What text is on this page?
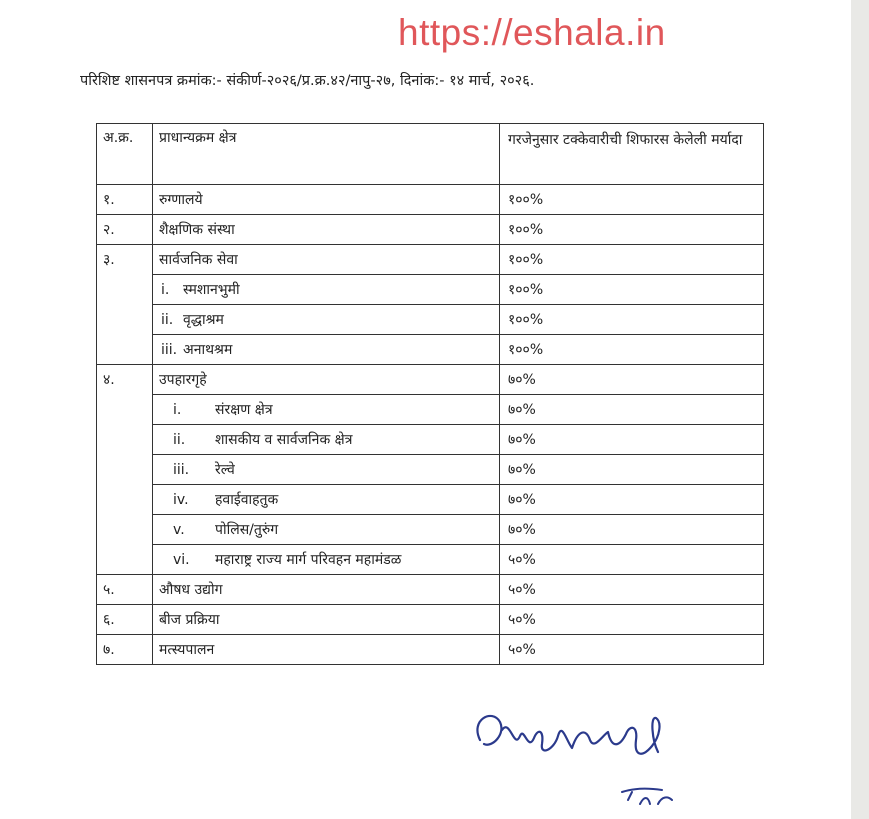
https://eshala.in
परिशिष्ट शासनपत्र क्रमांक:- संकीर्ण-२०२६/प्र.क्र.४२/नापु-२७, दिनांक:- १४ मार्च, २०२६.
अ.क्र.	प्राधान्यक्रम क्षेत्र	गरजेनुसार टक्केवारीची शिफारस केलेली मर्यादा
१.	रुग्णालये	१००%
२.	शैक्षणिक संस्था	१००%
३.	सार्वजनिक सेवा	१००%
	i. स्मशानभुमी	१००%
	ii. वृद्धाश्रम	१००%
	iii. अनाथश्रम	१००%
४.	उपहारगृहे	७०%
	i. संरक्षण क्षेत्र	७०%
	ii. शासकीय व सार्वजनिक क्षेत्र	७०%
	iii. रेल्वे	७०%
	iv. हवाईवाहतुक	७०%
	v. पोलिस/तुरुंग	७०%
	vi. महाराष्ट्र राज्य मार्ग परिवहन महामंडळ	५०%
५.	औषध उद्योग	५०%
६.	बीज प्रक्रिया	५०%
७.	मत्स्यपालन	५०%
